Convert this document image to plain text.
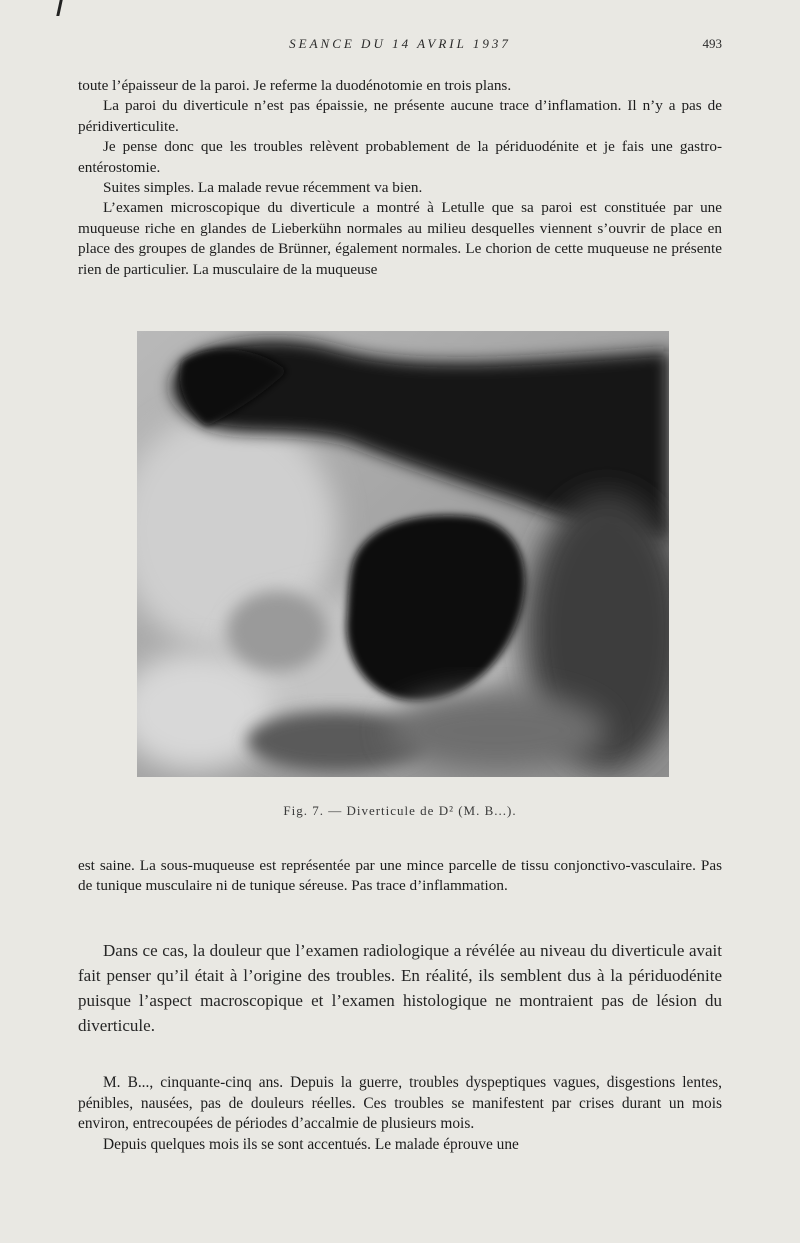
SEANCE DU 14 AVRIL 1937	493

toute l’épaisseur de la paroi. Je referme la duodénotomie en trois plans.

La paroi du diverticule n’est pas épaissie, ne présente aucune trace d’inflamation. Il n’y a pas de péridiverticulite.

Je pense donc que les troubles relèvent probablement de la périduodénite et je fais une gastro-entérostomie.

Suites simples. La malade revue récemment va bien.

L’examen microscopique du diverticule a montré à Letulle que sa paroi est constituée par une muqueuse riche en glandes de Lieberkühn normales au milieu desquelles viennent s’ouvrir de place en place des groupes de glandes de Brünner, également normales. Le chorion de cette muqueuse ne présente rien de particulier. La musculaire de la muqueuse

Fig. 7. — Diverticule de D² (M. B...).

est saine. La sous-muqueuse est représentée par une mince parcelle de tissu conjonctivo-vasculaire. Pas de tunique musculaire ni de tunique séreuse. Pas trace d’inflammation.

Dans ce cas, la douleur que l’examen radiologique a révélée au niveau du diverticule avait fait penser qu’il était à l’origine des troubles. En réalité, ils semblent dus à la périduodénite puisque l’aspect macroscopique et l’examen histologique ne montraient pas de lésion du diverticule.

M. B..., cinquante-cinq ans. Depuis la guerre, troubles dyspeptiques vagues, disgestions lentes, pénibles, nausées, pas de douleurs réelles. Ces troubles se manifestent par crises durant un mois environ, entrecoupées de périodes d’accalmie de plusieurs mois.

Depuis quelques mois ils se sont accentués. Le malade éprouve une
